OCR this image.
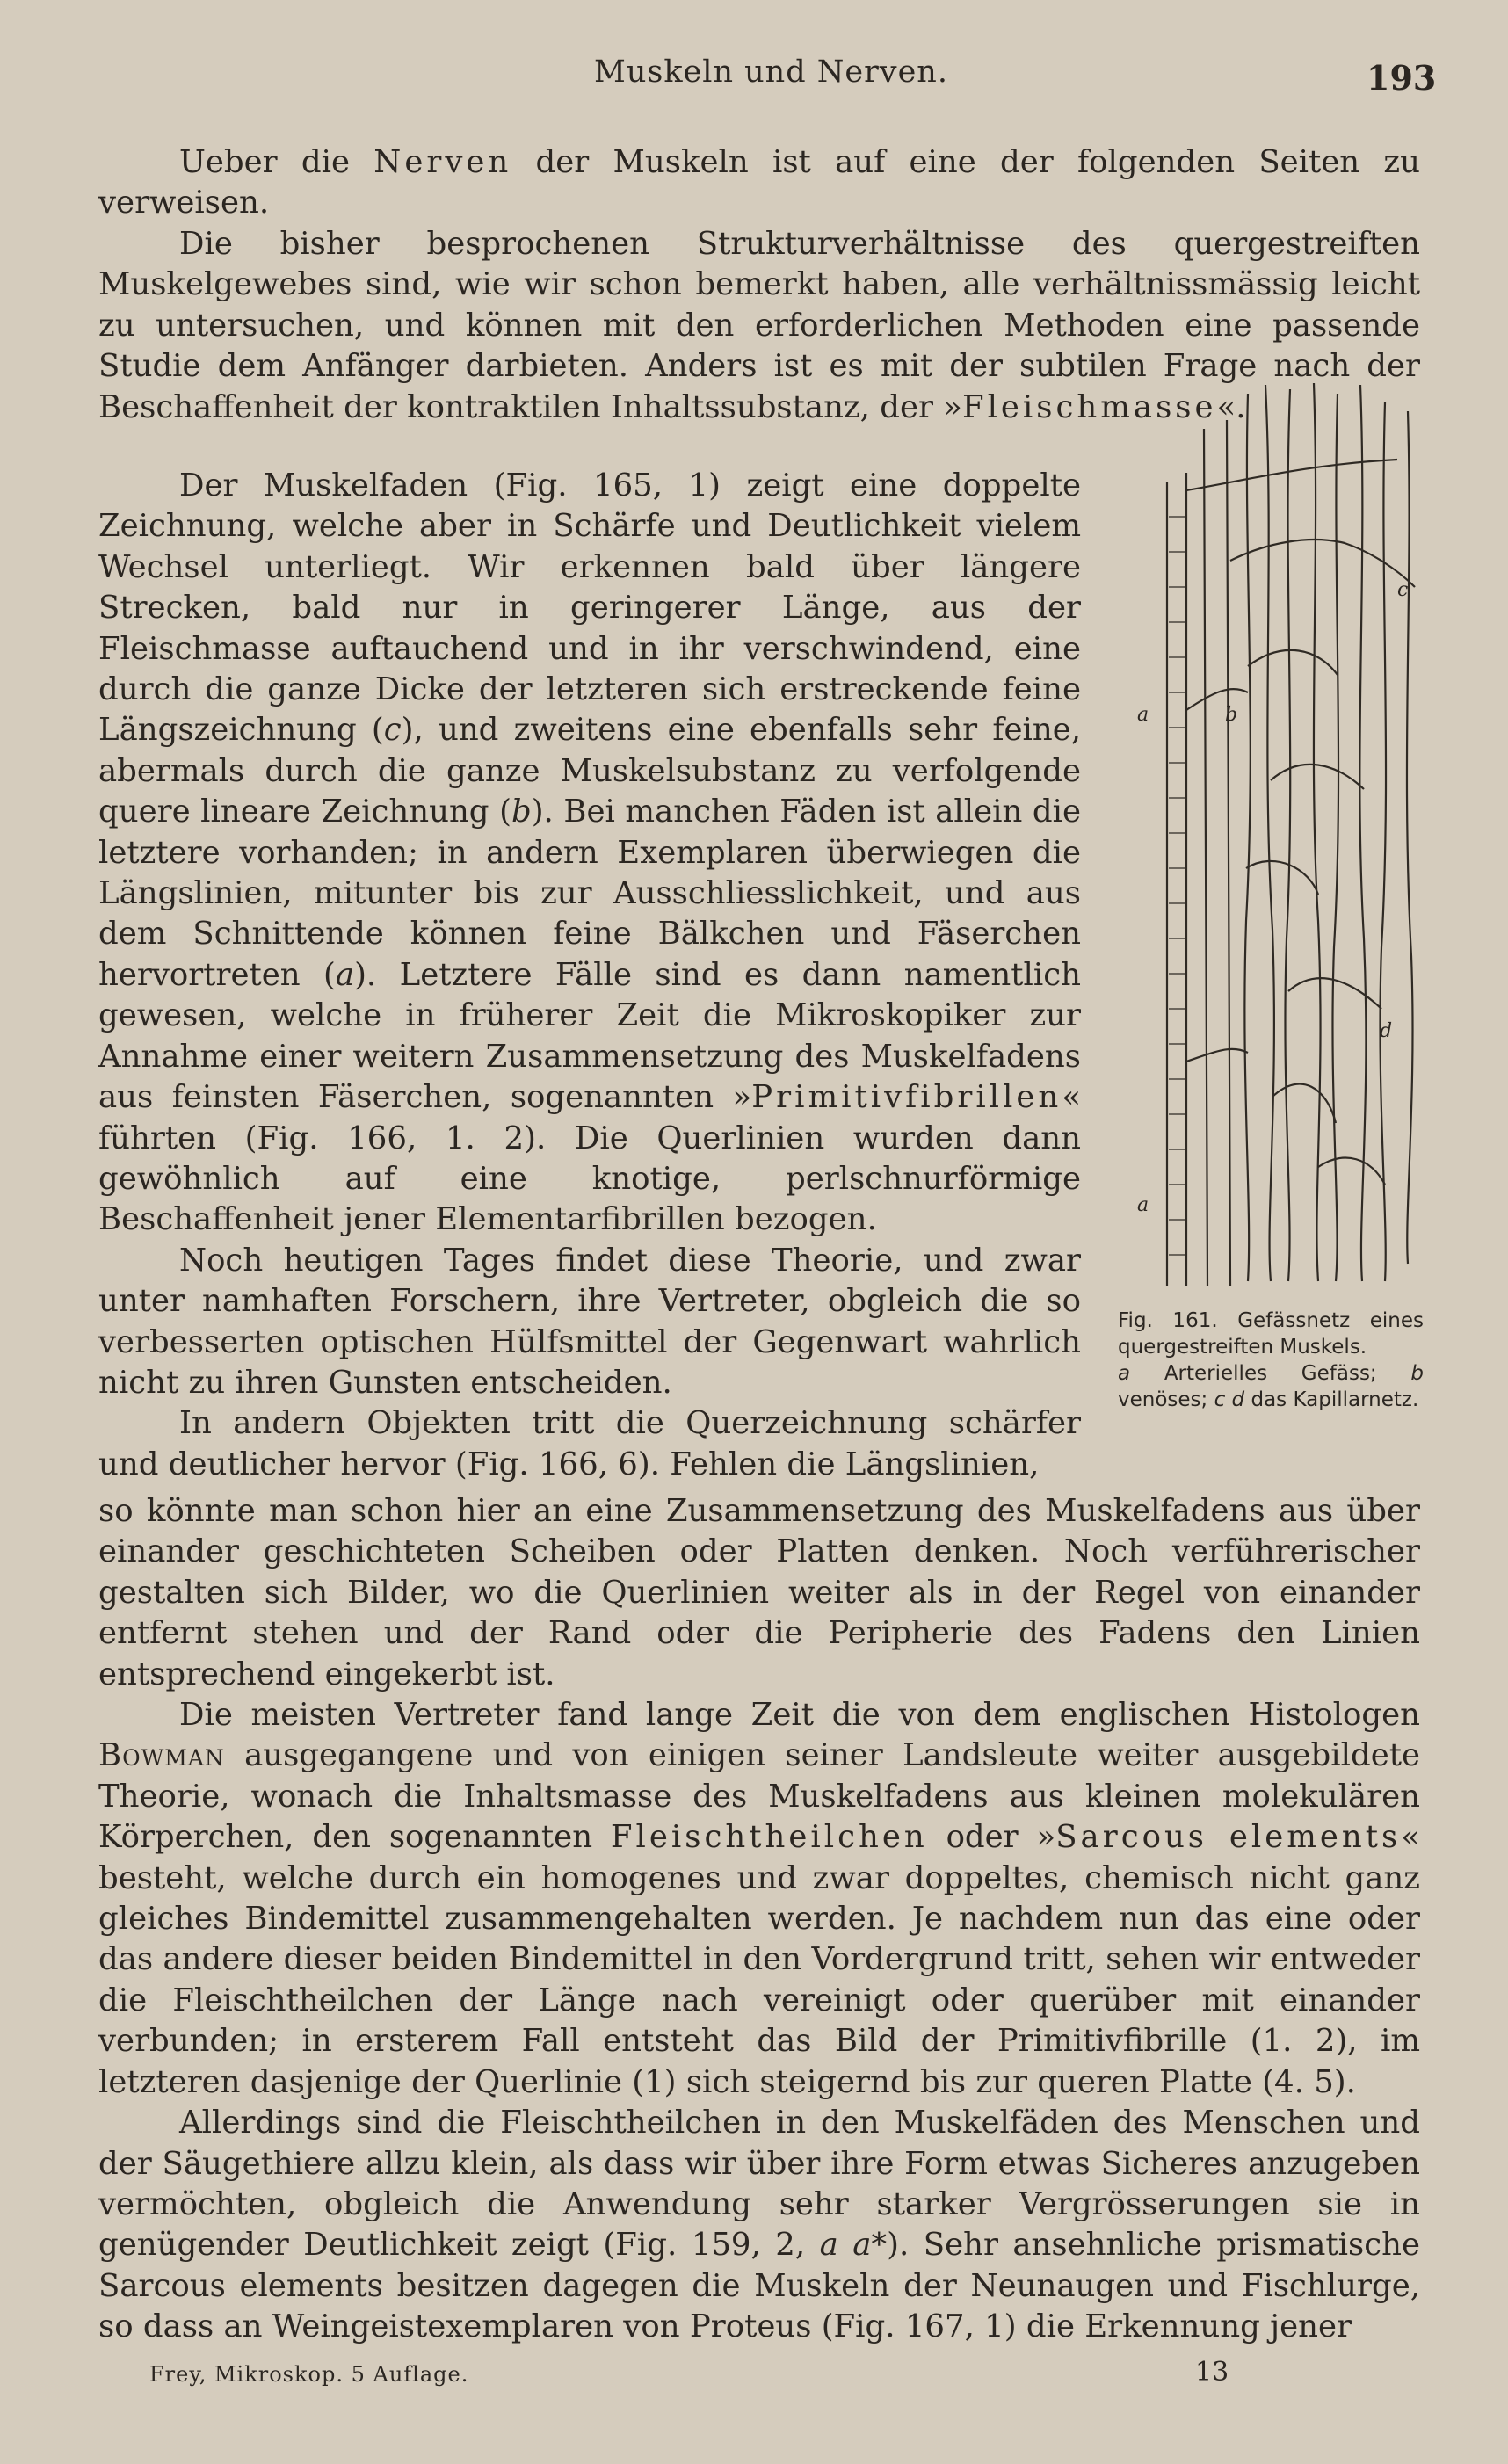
Muskeln und Nerven.	193

Ueber die Nerven der Muskeln ist auf eine der folgenden Seiten zu verweisen.

Die bisher besprochenen Strukturverhältnisse des quergestreiften Muskelgewebes sind, wie wir schon bemerkt haben, alle verhältnissmässig leicht zu untersuchen, und können mit den erforderlichen Methoden eine passende Studie dem Anfänger darbieten. Anders ist es mit der subtilen Frage nach der Beschaffenheit der kontraktilen Inhaltssubstanz, der »Fleischmasse«.

Der Muskelfaden (Fig. 165, 1) zeigt eine doppelte Zeichnung, welche aber in Schärfe und Deutlichkeit vielem Wechsel unterliegt. Wir erkennen bald über längere Strecken, bald nur in geringerer Länge, aus der Fleischmasse auftauchend und in ihr verschwindend, eine durch die ganze Dicke der letzteren sich erstreckende feine Längszeichnung (c), und zweitens eine ebenfalls sehr feine, abermals durch die ganze Muskelsubstanz zu verfolgende quere lineare Zeichnung (b). Bei manchen Fäden ist allein die letztere vorhanden; in andern Exemplaren überwiegen die Längslinien, mitunter bis zur Ausschliesslichkeit, und aus dem Schnittende können feine Bälkchen und Fäserchen hervortreten (a). Letztere Fälle sind es dann namentlich gewesen, welche in früherer Zeit die Mikroskopiker zur Annahme einer weitern Zusammensetzung des Muskelfadens aus feinsten Fäserchen, sogenannten »Primitivfibrillen« führten (Fig. 166, 1. 2). Die Querlinien wurden dann gewöhnlich auf eine knotige, perlschnurförmige Beschaffenheit jener Elementarfibrillen bezogen.

Noch heutigen Tages findet diese Theorie, und zwar unter namhaften Forschern, ihre Vertreter, obgleich die so verbesserten optischen Hülfsmittel der Gegenwart wahrlich nicht zu ihren Gunsten entscheiden.

In andern Objekten tritt die Querzeichnung schärfer und deutlicher hervor (Fig. 166, 6). Fehlen die Längslinien,

so könnte man schon hier an eine Zusammensetzung des Muskelfadens aus über einander geschichteten Scheiben oder Platten denken. Noch verführerischer gestalten sich Bilder, wo die Querlinien weiter als in der Regel von einander entfernt stehen und der Rand oder die Peripherie des Fadens den Linien entsprechend eingekerbt ist.

Die meisten Vertreter fand lange Zeit die von dem englischen Histologen Bowman ausgegangene und von einigen seiner Landsleute weiter ausgebildete Theorie, wonach die Inhaltsmasse des Muskelfadens aus kleinen molekulären Körperchen, den sogenannten Fleischtheilchen oder »Sarcous elements« besteht, welche durch ein homogenes und zwar doppeltes, chemisch nicht ganz gleiches Bindemittel zusammengehalten werden. Je nachdem nun das eine oder das andere dieser beiden Bindemittel in den Vordergrund tritt, sehen wir entweder die Fleischtheilchen der Länge nach vereinigt oder querüber mit einander verbunden; in ersterem Fall entsteht das Bild der Primitivfibrille (1. 2), im letzteren dasjenige der Querlinie (1) sich steigernd bis zur queren Platte (4. 5).

Allerdings sind die Fleischtheilchen in den Muskelfäden des Menschen und der Säugethiere allzu klein, als dass wir über ihre Form etwas Sicheres anzugeben vermöchten, obgleich die Anwendung sehr starker Vergrösserungen sie in genügender Deutlichkeit zeigt (Fig. 159, 2, a a*). Sehr ansehnliche prismatische Sarcous elements besitzen dagegen die Muskeln der Neunaugen und Fischlurge, so dass an Weingeistexemplaren von Proteus (Fig. 167, 1) die Erkennung jener

a
a
b
c
d

Fig. 161. Gefässnetz eines quergestreiften Muskels.

a Arterielles Gefäss; b venöses; c d das Kapillarnetz.

Frey, Mikroskop. 5 Auflage.	13
